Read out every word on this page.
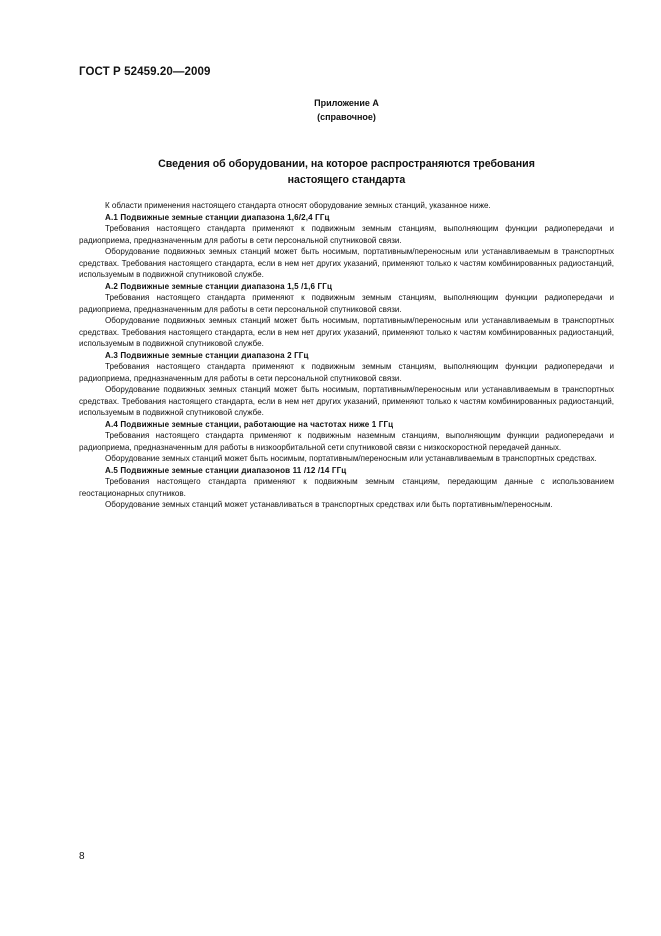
ГОСТ Р 52459.20—2009
Приложение А
(справочное)
Сведения об оборудовании, на которое распространяются требования
настоящего стандарта

К области применения настоящего стандарта относят оборудование земных станций, указанное ниже.

А.1 Подвижные земные станции диапазона 1,6/2,4 ГГц

Требования настоящего стандарта применяют к подвижным земным станциям, выполняющим функции радиопередачи и радиоприема, предназначенным для работы в сети персональной спутниковой связи.

Оборудование подвижных земных станций может быть носимым, портативным/переносным или устанавливаемым в транспортных средствах. Требования настоящего стандарта, если в нем нет других указаний, применяют только к частям комбинированных радиостанций, используемым в подвижной спутниковой службе.

А.2 Подвижные земные станции диапазона 1,5 /1,6 ГГц

Требования настоящего стандарта применяют к подвижным земным станциям, выполняющим функции радиопередачи и радиоприема, предназначенным для работы в сети персональной спутниковой связи.

Оборудование подвижных земных станций может быть носимым, портативным/переносным или устанавливаемым в транспортных средствах. Требования настоящего стандарта, если в нем нет других указаний, применяют только к частям комбинированных радиостанций, используемым в подвижной спутниковой службе.

А.3 Подвижные земные станции диапазона 2 ГГц

Требования настоящего стандарта применяют к подвижным земным станциям, выполняющим функции радиопередачи и радиоприема, предназначенным для работы в сети персональной спутниковой связи.

Оборудование подвижных земных станций может быть носимым, портативным/переносным или устанавливаемым в транспортных средствах. Требования настоящего стандарта, если в нем нет других указаний, применяют только к частям комбинированных радиостанций, используемым в подвижной спутниковой службе.

А.4 Подвижные земные станции, работающие на частотах ниже 1 ГГц

Требования настоящего стандарта применяют к подвижным наземным станциям, выполняющим функции радиопередачи и радиоприема, предназначенным для работы в низкоорбитальной сети спутниковой связи с низкоскоростной передачей данных.

Оборудование земных станций может быть носимым, портативным/переносным или устанавливаемым в транспортных средствах.

А.5 Подвижные земные станции диапазонов 11 /12 /14 ГГц

Требования настоящего стандарта применяют к подвижным земным станциям, передающим данные с использованием геостационарных спутников.

Оборудование земных станций может устанавливаться в транспортных средствах или быть портативным/переносным.

8
